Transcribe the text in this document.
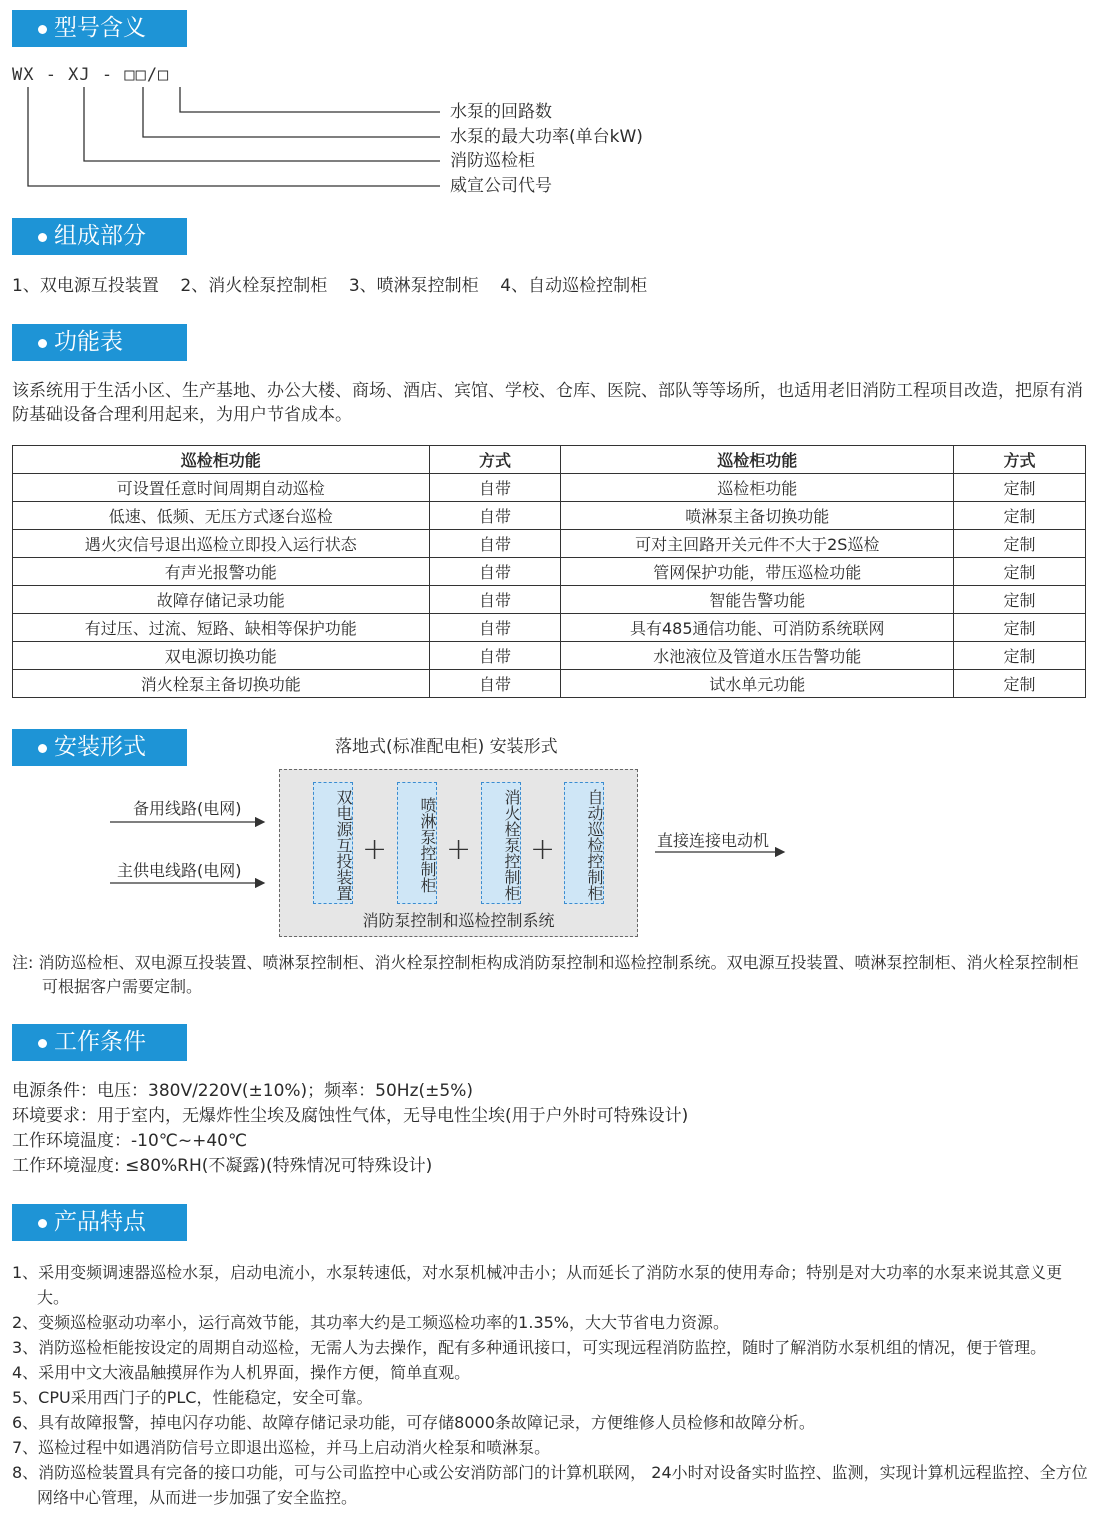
型号含义
WX - XJ - □□/□
水泵的回路数
水泵的最大功率(单台kW)
消防巡检柜
威宣公司代号
组成部分
1、双电源互投装置    2、消火栓泵控制柜    3、喷淋泵控制柜    4、自动巡检控制柜
功能表
该系统用于生活小区、生产基地、办公大楼、商场、酒店、宾馆、学校、仓库、医院、部队等等场所，也适用老旧消防工程项目改造，把原有消防基础设备合理利用起来，为用户节省成本。
巡检柜功能	方式	巡检柜功能	方式
可设置任意时间周期自动巡检	自带	巡检柜功能	定制
低速、低频、无压方式逐台巡检	自带	喷淋泵主备切换功能	定制
遇火灾信号退出巡检立即投入运行状态	自带	可对主回路开关元件不大于2S巡检	定制
有声光报警功能	自带	管网保护功能，带压巡检功能	定制
故障存储记录功能	自带	智能告警功能	定制
有过压、过流、短路、缺相等保护功能	自带	具有485通信功能、可消防系统联网	定制
双电源切换功能	自带	水池液位及管道水压告警功能	定制
消火栓泵主备切换功能	自带	试水单元功能	定制
安装形式	落地式(标准配电柜) 安装形式
备用线路(电网)
主供电线路(电网)
直接连接电动机
双电源互投装置	喷淋泵控制柜	消火栓泵控制柜	自动巡检控制柜
+ + +
消防泵控制和巡检控制系统
注: 消防巡检柜、双电源互投装置、喷淋泵控制柜、消火栓泵控制柜构成消防泵控制和巡检控制系统。双电源互投装置、喷淋泵控制柜、消火栓泵控制柜可根据客户需要定制。
工作条件
电源条件：电压：380V/220V(±10%)；频率：50Hz(±5%)
环境要求：用于室内，无爆炸性尘埃及腐蚀性气体，无导电性尘埃(用于户外时可特殊设计)
工作环境温度：-10℃~+40℃
工作环境湿度: ≤80%RH(不凝露)(特殊情况可特殊设计)
产品特点
1、采用变频调速器巡检水泵，启动电流小，水泵转速低，对水泵机械冲击小；从而延长了消防水泵的使用寿命；特别是对大功率的水泵来说其意义更大。
2、变频巡检驱动功率小，运行高效节能，其功率大约是工频巡检功率的1.35%，大大节省电力资源。
3、消防巡检柜能按设定的周期自动巡检，无需人为去操作，配有多种通讯接口，可实现远程消防监控，随时了解消防水泵机组的情况，便于管理。
4、采用中文大液晶触摸屏作为人机界面，操作方便，简单直观。
5、CPU采用西门子的PLC，性能稳定，安全可靠。
6、具有故障报警，掉电闪存功能、故障存储记录功能，可存储8000条故障记录，方便维修人员检修和故障分析。
7、巡检过程中如遇消防信号立即退出巡检，并马上启动消火栓泵和喷淋泵。
8、消防巡检装置具有完备的接口功能，可与公司监控中心或公安消防部门的计算机联网， 24小时对设备实时监控、监测，实现计算机远程监控、全方位网络中心管理，从而进一步加强了安全监控。
